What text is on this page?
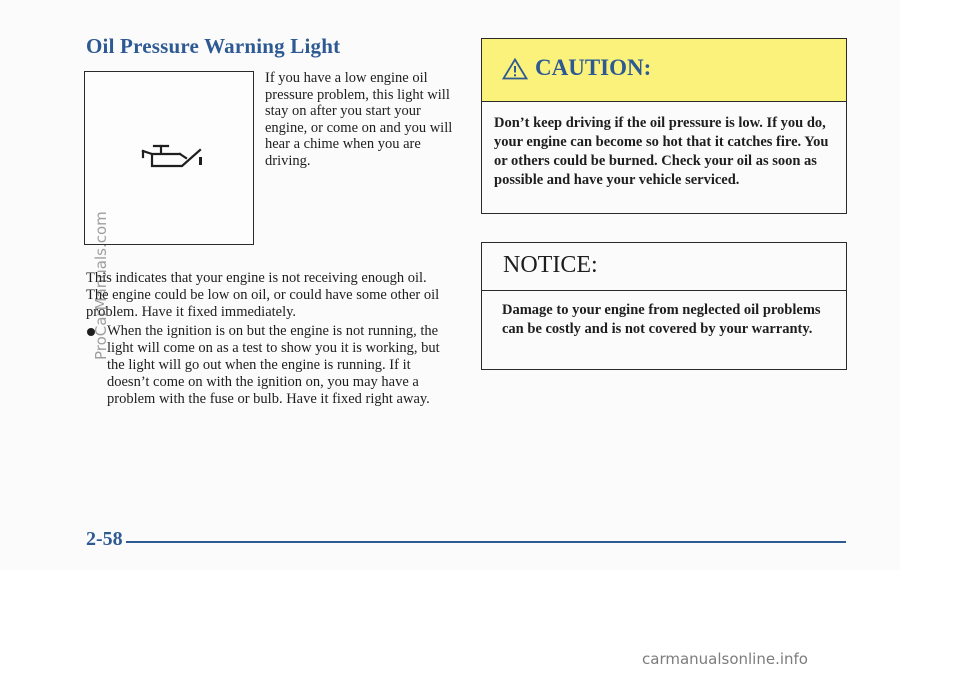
Oil Pressure Warning Light

If you have a low engine oil pressure problem, this light will stay on after you start your engine, or come on and you will hear a chime when you are driving.

This indicates that your engine is not receiving enough oil. The engine could be low on oil, or could have some other oil problem. Have it fixed immediately.

When the ignition is on but the engine is not running, the light will come on as a test to show you it is working, but the light will go out when the engine is running. If it doesn’t come on with the ignition on, you may have a problem with the fuse or bulb. Have it fixed right away.

CAUTION:
Don’t keep driving if the oil pressure is low. If you do, your engine can become so hot that it catches fire. You or others could be burned. Check your oil as soon as possible and have your vehicle serviced.
NOTICE:
Damage to your engine from neglected oil problems can be costly and is not covered by your warranty.
2-58
ProCarManuals.com
carmanualsonline.info
